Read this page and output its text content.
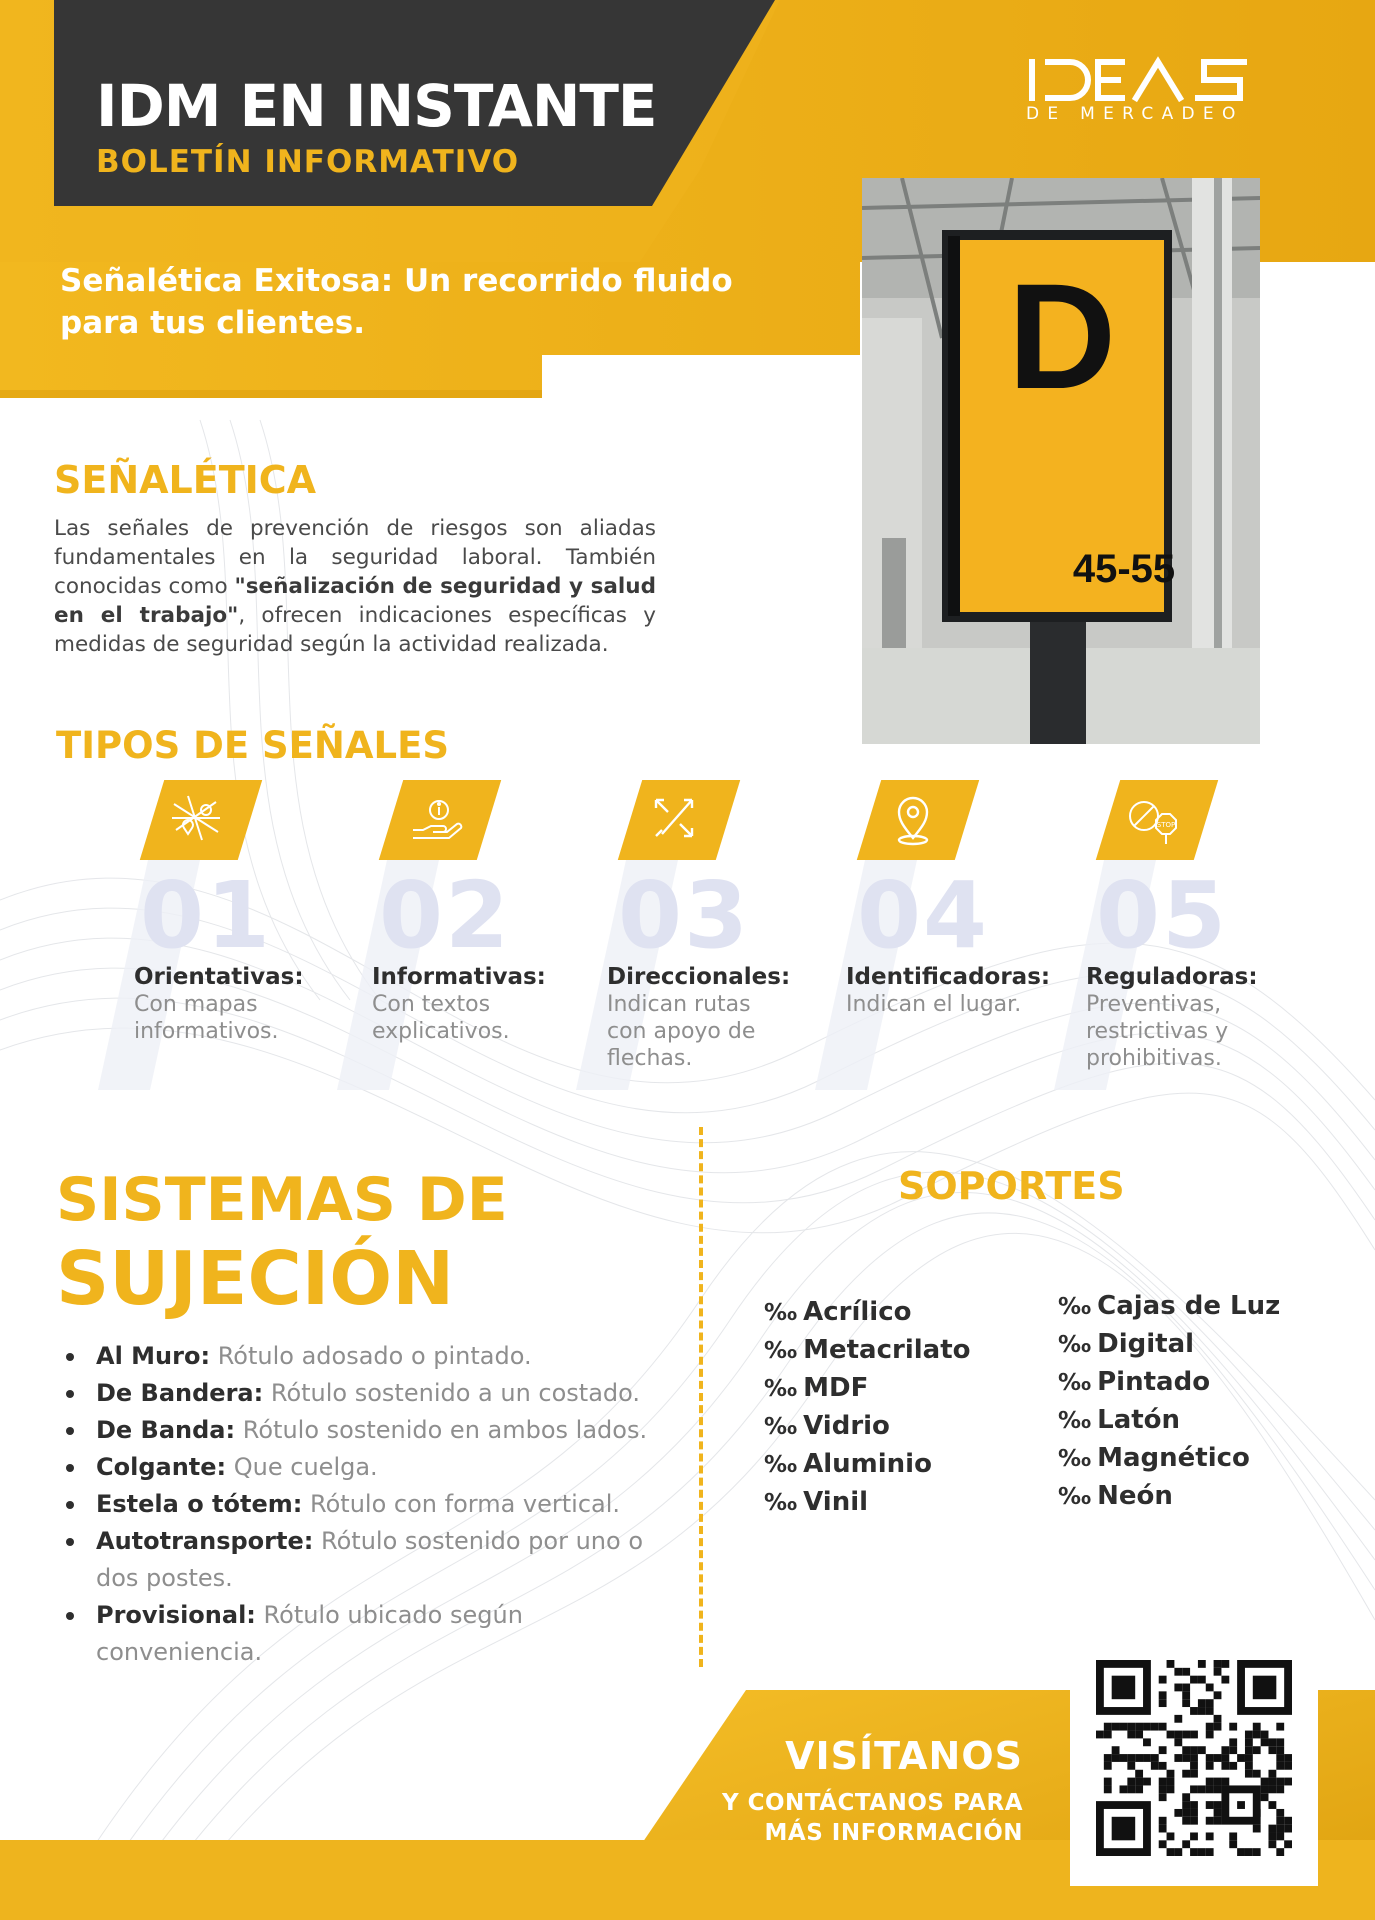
IDM EN INSTANTE
BOLETÍN INFORMATIVO
DE MERCADEO
Señalética Exitosa: Un recorrido fluido para tus clientes.	D
45-55
SEÑALÉTICA
Las señales de prevención de riesgos son aliadas fundamentales en la seguridad laboral. También conocidas como "señalización de seguridad y salud en el trabajo", ofrecen indicaciones específicas y medidas de seguridad según la actividad realizada.
TIPOS DE SEÑALES
01
Orientativas:
Con mapas informativos.
02
Informativas:
Con textos explicativos.
03
Direccionales:
Indican rutas con apoyo de flechas.
04
Identificadoras:
Indican el lugar.
STOP
05
Reguladoras:
Preventivas, restrictivas y prohibitivas.
SISTEMAS DE
SUJECIÓN
Al Muro: Rótulo adosado o pintado.
De Bandera: Rótulo sostenido a un costado.
De Banda: Rótulo sostenido en ambos lados.
Colgante: Que cuelga.
Estela o tótem: Rótulo con forma vertical.
Autotransporte: Rótulo sostenido por uno o dos postes.
Provisional: Rótulo ubicado según conveniencia.
SOPORTES
‰ Acrílico
‰ Metacrilato
‰ MDF
‰ Vidrio
‰ Aluminio
‰ Vinil
‰ Cajas de Luz
‰ Digital
‰ Pintado
‰ Latón
‰ Magnético
‰ Neón
VISÍTANOS
Y CONTÁCTANOS PARA
MÁS INFORMACIÓN
